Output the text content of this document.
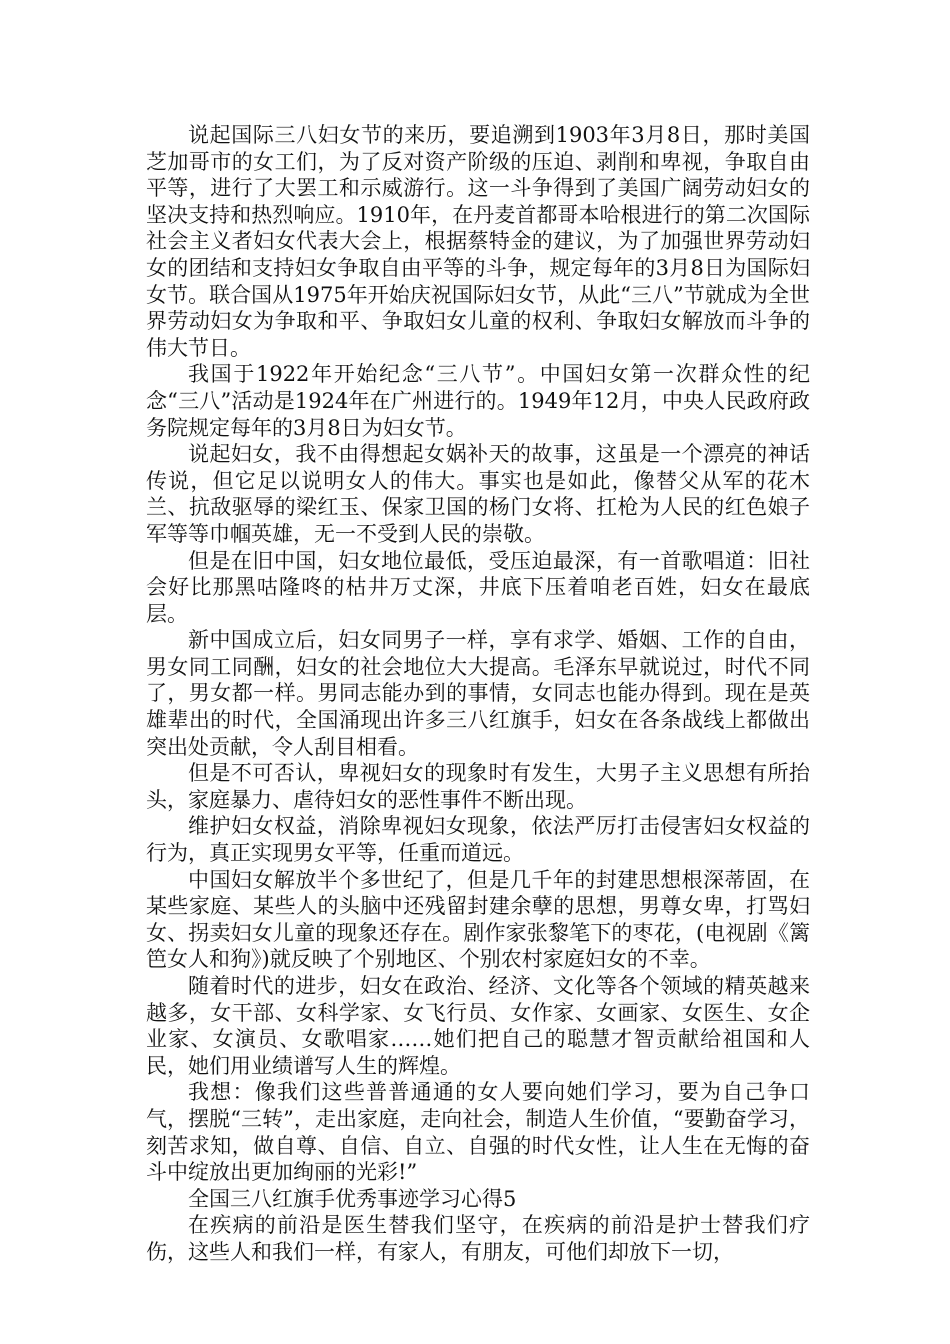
说起国际三八妇女节的来历，要追溯到1903年3月8日，那时美国芝加哥市的女工们，为了反对资产阶级的压迫、剥削和卑视，争取自由平等，进行了大罢工和示威游行。这一斗争得到了美国广阔劳动妇女的坚决支持和热烈响应。1910年，在丹麦首都哥本哈根进行的第二次国际社会主义者妇女代表大会上，根据蔡特金的建议，为了加强世界劳动妇女的团结和支持妇女争取自由平等的斗争，规定每年的3月8日为国际妇女节。联合国从1975年开始庆祝国际妇女节，从此“三八”节就成为全世界劳动妇女为争取和平、争取妇女儿童的权利、争取妇女解放而斗争的伟大节日。

我国于1922年开始纪念“三八节”。中国妇女第一次群众性的纪念“三八”活动是1924年在广州进行的。1949年12月，中央人民政府政务院规定每年的3月8日为妇女节。

说起妇女，我不由得想起女娲补天的故事，这虽是一个漂亮的神话传说，但它足以说明女人的伟大。事实也是如此，像替父从军的花木兰、抗敌驱辱的梁红玉、保家卫国的杨门女将、扛枪为人民的红色娘子军等等巾帼英雄，无一不受到人民的崇敬。

但是在旧中国，妇女地位最低，受压迫最深，有一首歌唱道：旧社会好比那黑咕隆咚的枯井万丈深，井底下压着咱老百姓，妇女在最底层。

新中国成立后，妇女同男子一样，享有求学、婚姻、工作的自由，男女同工同酬，妇女的社会地位大大提高。毛泽东早就说过，时代不同了，男女都一样。男同志能办到的事情，女同志也能办得到。现在是英雄辈出的时代，全国涌现出许多三八红旗手，妇女在各条战线上都做出突出处贡献，令人刮目相看。

但是不可否认，卑视妇女的现象时有发生，大男子主义思想有所抬头，家庭暴力、虐待妇女的恶性事件不断出现。

维护妇女权益，消除卑视妇女现象，依法严厉打击侵害妇女权益的行为，真正实现男女平等，任重而道远。

中国妇女解放半个多世纪了，但是几千年的封建思想根深蒂固，在某些家庭、某些人的头脑中还残留封建余孽的思想，男尊女卑，打骂妇女、拐卖妇女儿童的现象还存在。剧作家张黎笔下的枣花，(电视剧《篱笆女人和狗》)就反映了个别地区、个别农村家庭妇女的不幸。

随着时代的进步，妇女在政治、经济、文化等各个领域的精英越来越多，女干部、女科学家、女飞行员、女作家、女画家、女医生、女企业家、女演员、女歌唱家……她们把自己的聪慧才智贡献给祖国和人民，她们用业绩谱写人生的辉煌。

我想：像我们这些普普通通的女人要向她们学习，要为自己争口气，摆脱“三转”，走出家庭，走向社会，制造人生价值，“要勤奋学习，刻苦求知，做自尊、自信、自立、自强的时代女性，让人生在无悔的奋斗中绽放出更加绚丽的光彩!”

全国三八红旗手优秀事迹学习心得5

在疾病的前沿是医生替我们坚守，在疾病的前沿是护士替我们疗伤，这些人和我们一样，有家人，有朋友，可他们却放下一切，
